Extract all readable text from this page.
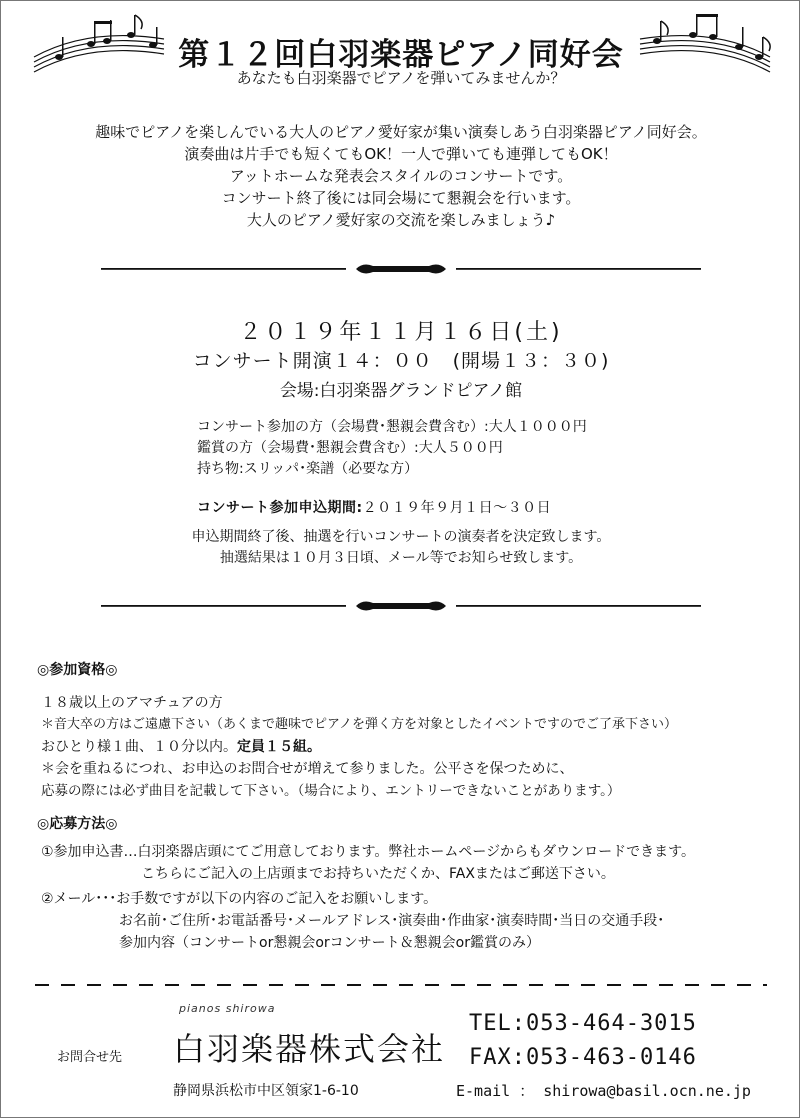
第１２回白羽楽器ピアノ同好会
あなたも白羽楽器でピアノを弾いてみませんか？
趣味でピアノを楽しんでいる大人のピアノ愛好家が集い演奏しあう白羽楽器ピアノ同好会。
演奏曲は片手でも短くてもOK！一人で弾いても連弾してもOK！
アットホームな発表会スタイルのコンサートです。
コンサート終了後には同会場にて懇親会を行います。
大人のピアノ愛好家の交流を楽しみましょう♪
２０１９年１１月１６日(土)
コンサート開演１４：００　(開場１３：３０)
会場:白羽楽器グランドピアノ館
コンサート参加の方（会場費･懇親会費含む）:大人１０００円
鑑賞の方（会場費･懇親会費含む）:大人５００円
持ち物:スリッパ･楽譜（必要な方）
コンサート参加申込期間:２０１９年９月１日～３０日
申込期間終了後、抽選を行いコンサートの演奏者を決定致します。
抽選結果は１０月３日頃、メール等でお知らせ致します。
◎参加資格◎
１８歳以上のアマチュアの方
＊音大卒の方はご遠慮下さい（あくまで趣味でピアノを弾く方を対象としたイベントですのでご了承下さい）
おひとり様１曲、１０分以内。定員１５組。
＊会を重ねるにつれ、お申込のお問合せが増えて参りました。公平さを保つために、
応募の際には必ず曲目を記載して下さい。（場合により、エントリーできないことがあります。）
◎応募方法◎
①参加申込書…白羽楽器店頭にてご用意しております。弊社ホームページからもダウンロードできます。
こちらにご記入の上店頭までお持ちいただくか、FAXまたはご郵送下さい。
②メール･･･お手数ですが以下の内容のご記入をお願いします。
お名前･ご住所･お電話番号･メールアドレス･演奏曲･作曲家･演奏時間･当日の交通手段･
参加内容（コンサートor懇親会orコンサート＆懇親会or鑑賞のみ）
pianos shirowa
お問合せ先 白羽楽器株式会社
静岡県浜松市中区領家1-6-10
TEL:053-464-3015
FAX:053-463-0146
E-mail ： shirowa@basil.ocn.ne.jp
